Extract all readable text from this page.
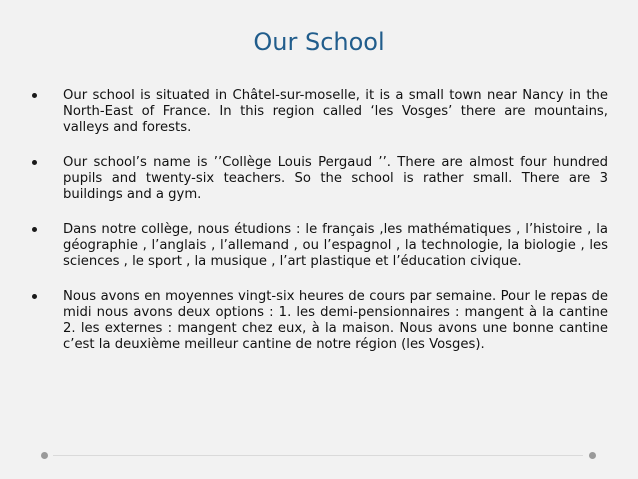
Our School
Our school is situated in Châtel-sur-moselle, it is a small town near Nancy in the North-East of France. In this region called ‘les Vosges’ there are mountains, valleys and forests.
Our school’s name is ’’Collège Louis Pergaud ’’. There are almost four hundred pupils and twenty-six teachers. So the school is rather small. There are 3 buildings and a gym.
Dans notre collège, nous étudions : le français ,les mathématiques , l’histoire , la géographie , l’anglais , l’allemand , ou l’espagnol , la technologie, la biologie , les sciences , le sport , la musique , l’art plastique et l’éducation civique.
Nous avons en moyennes vingt-six heures de cours par semaine. Pour le repas de midi nous avons deux options : 1. les demi-pensionnaires : mangent à la cantine 2. les externes : mangent chez eux, à la maison. Nous avons une bonne cantine c’est la deuxième meilleur cantine de notre région (les Vosges).
